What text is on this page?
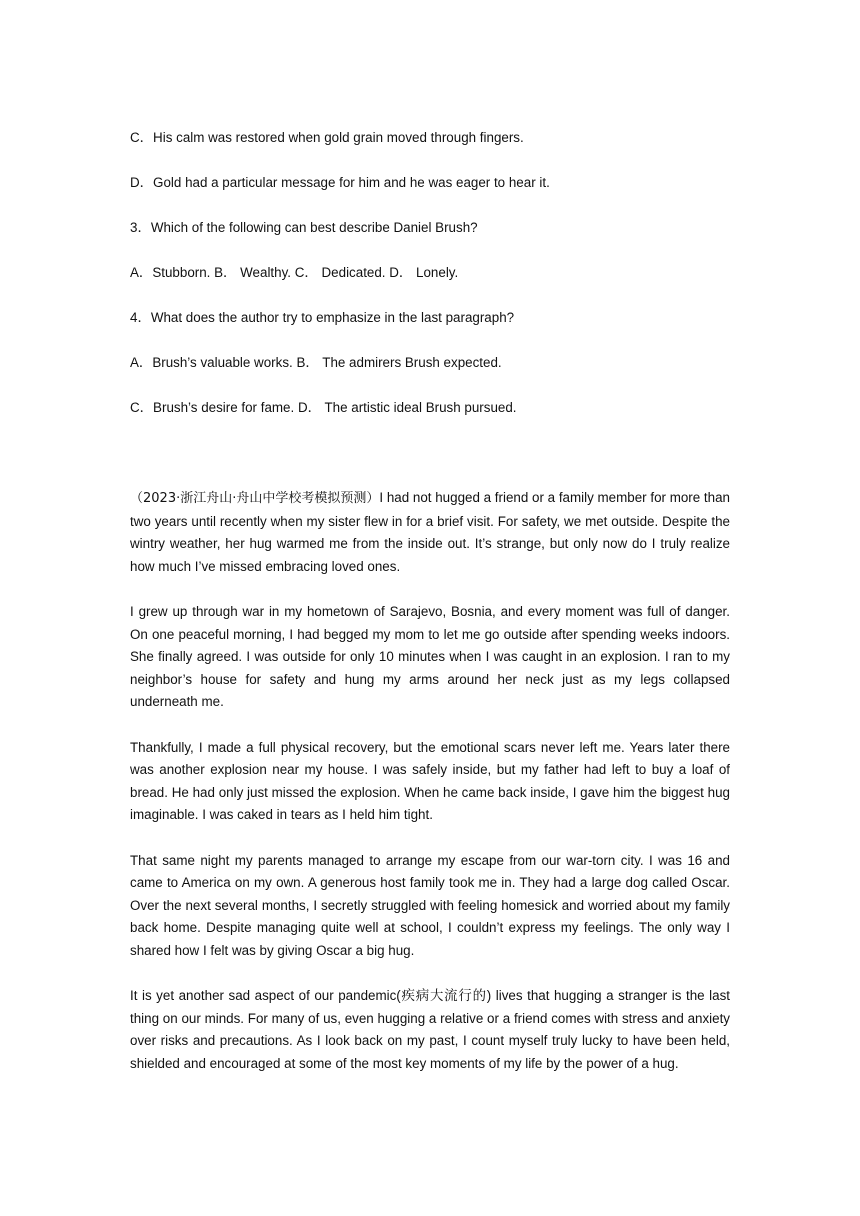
C．His calm was restored when gold grain moved through fingers.
D．Gold had a particular message for him and he was eager to hear it.
3．Which of the following can best describe Daniel Brush?
A．Stubborn. B． Wealthy. C． Dedicated. D． Lonely.
4．What does the author try to emphasize in the last paragraph?
A．Brush’s valuable works. B． The admirers Brush expected.
C．Brush’s desire for fame. D． The artistic ideal Brush pursued.

（2023·浙江舟山·舟山中学校考模拟预测）I had not hugged a friend or a family member for more than two years until recently when my sister flew in for a brief visit. For safety, we met outside. Despite the wintry weather, her hug warmed me from the inside out. It’s strange, but only now do I truly realize how much I’ve missed embracing loved ones.

I grew up through war in my hometown of Sarajevo, Bosnia, and every moment was full of danger. On one peaceful morning, I had begged my mom to let me go outside after spending weeks indoors. She finally agreed. I was outside for only 10 minutes when I was caught in an explosion. I ran to my neighbor’s house for safety and hung my arms around her neck just as my legs collapsed underneath me.

Thankfully, I made a full physical recovery, but the emotional scars never left me. Years later there was another explosion near my house. I was safely inside, but my father had left to buy a loaf of bread. He had only just missed the explosion. When he came back inside, I gave him the biggest hug imaginable. I was caked in tears as I held him tight.

That same night my parents managed to arrange my escape from our war-torn city. I was 16 and came to America on my own. A generous host family took me in. They had a large dog called Oscar. Over the next several months, I secretly struggled with feeling homesick and worried about my family back home. Despite managing quite well at school, I couldn’t express my feelings. The only way I shared how I felt was by giving Oscar a big hug.

It is yet another sad aspect of our pandemic(疾病大流行的) lives that hugging a stranger is the last thing on our minds. For many of us, even hugging a relative or a friend comes with stress and anxiety over risks and precautions. As I look back on my past, I count myself truly lucky to have been held, shielded and encouraged at some of the most key moments of my life by the power of a hug.
